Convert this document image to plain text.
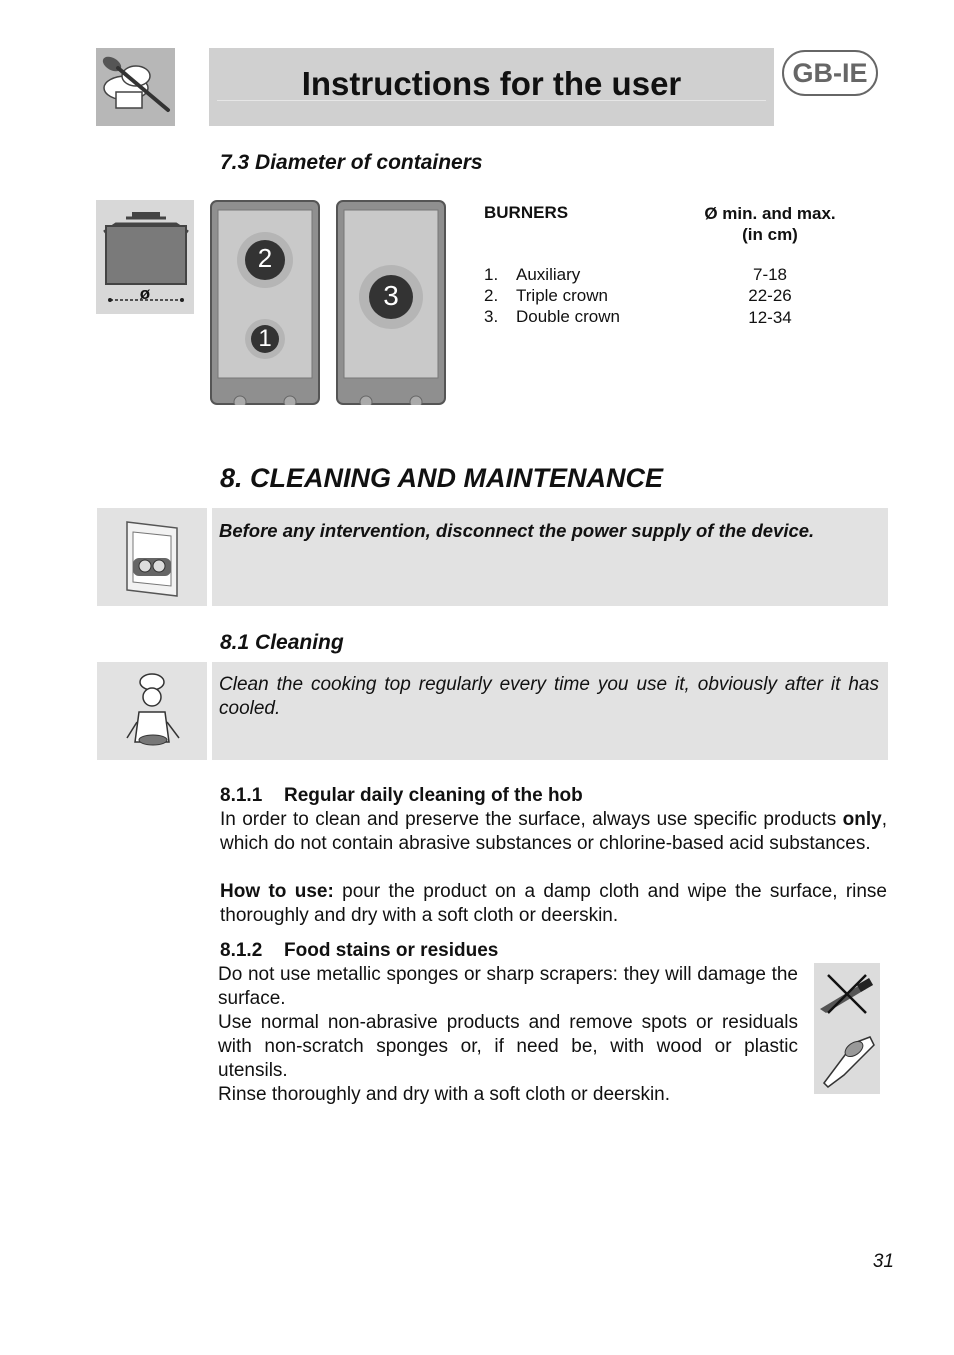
Instructions for the user	GB-IE
7.3 Diameter of containers
ø
2
1
3
BURNERS	Ø min. and max.
(in cm)
1. Auxiliary	7-18
2. Triple crown	22-26
3. Double crown	12-34
8. CLEANING AND MAINTENANCE
Before any intervention, disconnect the power supply of the device.
8.1 Cleaning
Clean the cooking top regularly every time you use it, obviously after it has cooled.
8.1.1 Regular daily cleaning of the hob
In order to clean and preserve the surface, always use specific products only, which do not contain abrasive substances or chlorine-based acid substances.
How to use: pour the product on a damp cloth and wipe the surface, rinse thoroughly and dry with a soft cloth or deerskin.
8.1.2 Food stains or residues
Do not use metallic sponges or sharp scrapers: they will damage the surface.
Use normal non-abrasive products and remove spots or residuals with non-scratch sponges or, if need be, with wood or plastic utensils.
Rinse thoroughly and dry with a soft cloth or deerskin.
31
